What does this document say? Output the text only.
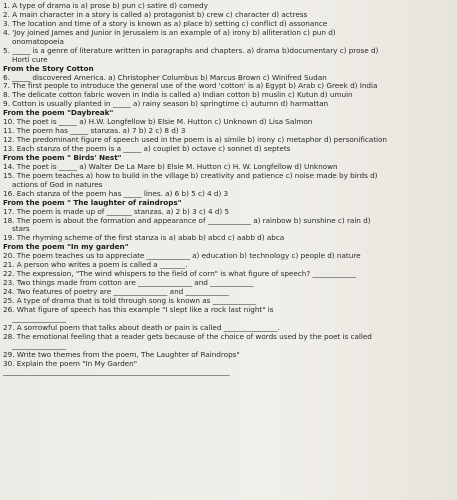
1. A type of drama is a) prose b) pun c) satire d) comedy
2. A main character in a story is called a) protagonist b) crew c) character d) actress
3. The location and time of a story is known as a) place b) setting c) conflict d) assonance
4. 'Joy joined James and Junior in Jerusalem is an example of a) irony b) alliteration c) pun d)
onomatopoeia
5. _____ is a genre of literature written in paragraphs and chapters. a) drama b)documentary c) prose d)
Horti cure
From the Story Cotton
6. _____ discovered America. a) Christopher Columbus b) Marcus Brown c) Winifred Sudan
7. The first people to introduce the general use of the word 'cotton' is a) Egypt b) Arab c) Greek d) India
8. The delicate cotton fabric woven in India is called a) Indian cotton b) muslin c) Kutun d) umuin
9. Cotton is usually planted in _____ a) rainy season b) springtime c) autumn d) harmattan
From the poem "Daybreak"
10. The poet is _____ a) H.W. Longfellow b) Elsie M. Hutton c) Unknown d) Lisa Salmon
11. The poem has _____ stanzas. a) 7 b) 2 c) 8 d) 3
12. The predominant figure of speech used in the poem is a) simile b) irony c) metaphor d) personification
13. Each stanza of the poem is a _____ a) couplet b) octave c) sonnet d) septets
From the poem " Birds' Nest"
14. The poet is _____ a) Walter De La Mare b) Elsie M. Hutton c) H. W. Longfellow d) Unknown
15. The poem teaches a) how to build in the village b) creativity and patience c) noise made by birds d)
actions of God in natures
16. Each stanza of the poem has _____ lines. a) 6 b) 5 c) 4 d) 3
From the poem " The laughter of raindrops"
17. The poem is made up of _______ stanzas. a) 2 b) 3 c) 4 d) 5
18. The poem is about the formation and appearance of ____________ a) rainbow b) sunshine c) rain d)
stars
19. The rhyming scheme of the first stanza is a) abab b) abcd c) aabb d) abca
From the poem "In my garden"
20. The poem teaches us to appreciate ____________ a) education b) technology c) people d) nature
21. A person who writes a poem is called a _______.
22. The expression, "The wind whispers to the field of corn" is what figure of speech? ____________
23. Two things made from cotton are _______________ and ____________
24. Two features of poetry are _______________ and ____________
25. A type of drama that is told through song is known as ____________
26. What figure of speech has this example "I slept like a rock last night" is
_______________
27. A sorrowful poem that talks about death or pain is called _______________.
28. The emotional feeling that a reader gets because of the choice of words used by the poet is called
_______________
29. Write two themes from the poem, The Laughter of Raindrops"
30. Explain the poem "In My Garden"
_______________________________________________________________
